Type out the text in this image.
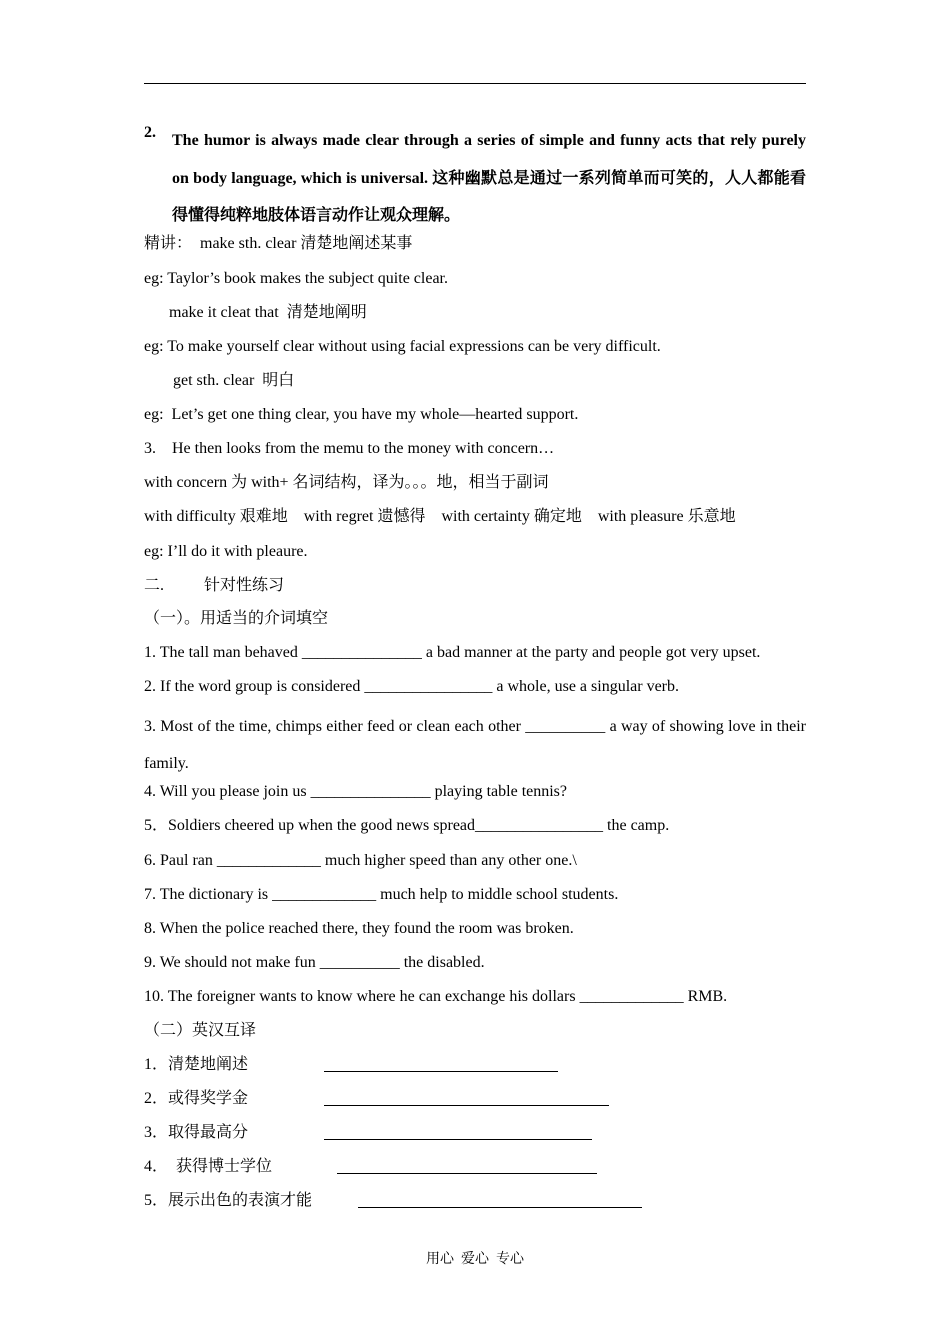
2. The humor is always made clear through a series of simple and funny acts that rely purely on body language, which is universal. 这种幽默总是通过一系列简单而可笑的，人人都能看得懂得纯粹地肢体语言动作让观众理解。
精讲：  make sth. clear 清楚地阐述某事
eg: Taylor’s book makes the subject quite clear.
make it cleat that  清楚地阐明
eg: To make yourself clear without using facial expressions can be very difficult.
get sth. clear  明白
eg:  Let’s get one thing clear, you have my whole—hearted support.
3.    He then looks from the memu to the money with concern…
with concern 为 with+ 名词结构，译为。。。地，相当于副词
with difficulty 艰难地    with regret 遗憾得    with certainty 确定地    with pleasure 乐意地
eg: I’ll do it with pleaure.
二.          针对性练习
（一）。用适当的介词填空
1. The tall man behaved _______________ a bad manner at the party and people got very upset.
2. If the word group is considered ________________ a whole, use a singular verb.
3. Most of the time, chimps either feed or clean each other __________ a way of showing love in their family.
4. Will you please join us _______________ playing table tennis?
5．Soldiers cheered up when the good news spread________________ the camp.
6. Paul ran _____________ much higher speed than any other one.\
7. The dictionary is _____________ much help to middle school students.
8. When the police reached there, they found the room was broken.
9. We should not make fun __________ the disabled.
10. The foreigner wants to know where he can exchange his dollars _____________ RMB.
（二）英汉互译
1．清楚地阐述
2．或得奖学金
3．取得最高分
4．  获得博士学位
5．展示出色的表演才能
用心  爱心  专心
